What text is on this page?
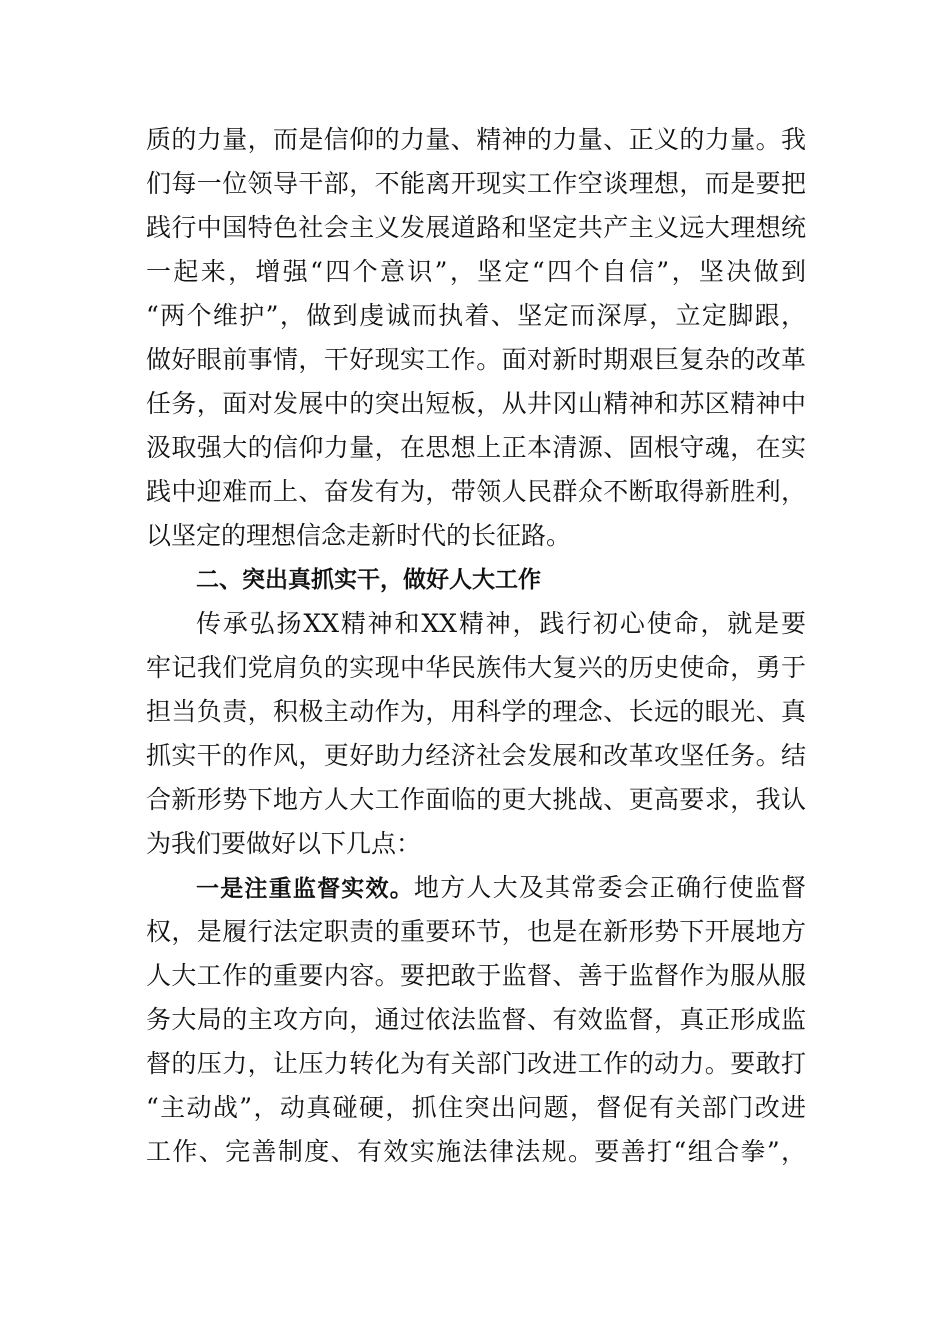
质的力量，而是信仰的力量、精神的力量、正义的力量。我
们每一位领导干部，不能离开现实工作空谈理想，而是要把
践行中国特色社会主义发展道路和坚定共产主义远大理想统
一起来，增强“四个意识”，坚定“四个自信”，坚决做到
“两个维护”，做到虔诚而执着、坚定而深厚，立定脚跟，
做好眼前事情，干好现实工作。面对新时期艰巨复杂的改革
任务，面对发展中的突出短板，从井冈山精神和苏区精神中
汲取强大的信仰力量，在思想上正本清源、固根守魂，在实
践中迎难而上、奋发有为，带领人民群众不断取得新胜利，
以坚定的理想信念走新时代的长征路。
二、突出真抓实干，做好人大工作
传承弘扬XX精神和XX精神，践行初心使命，就是要
牢记我们党肩负的实现中华民族伟大复兴的历史使命，勇于
担当负责，积极主动作为，用科学的理念、长远的眼光、真
抓实干的作风，更好助力经济社会发展和改革攻坚任务。结
合新形势下地方人大工作面临的更大挑战、更高要求，我认
为我们要做好以下几点：
一是注重监督实效。地方人大及其常委会正确行使监督
权，是履行法定职责的重要环节，也是在新形势下开展地方
人大工作的重要内容。要把敢于监督、善于监督作为服从服
务大局的主攻方向，通过依法监督、有效监督，真正形成监
督的压力，让压力转化为有关部门改进工作的动力。要敢打
“主动战”，动真碰硬，抓住突出问题，督促有关部门改进
工作、完善制度、有效实施法律法规。要善打“组合拳”，
